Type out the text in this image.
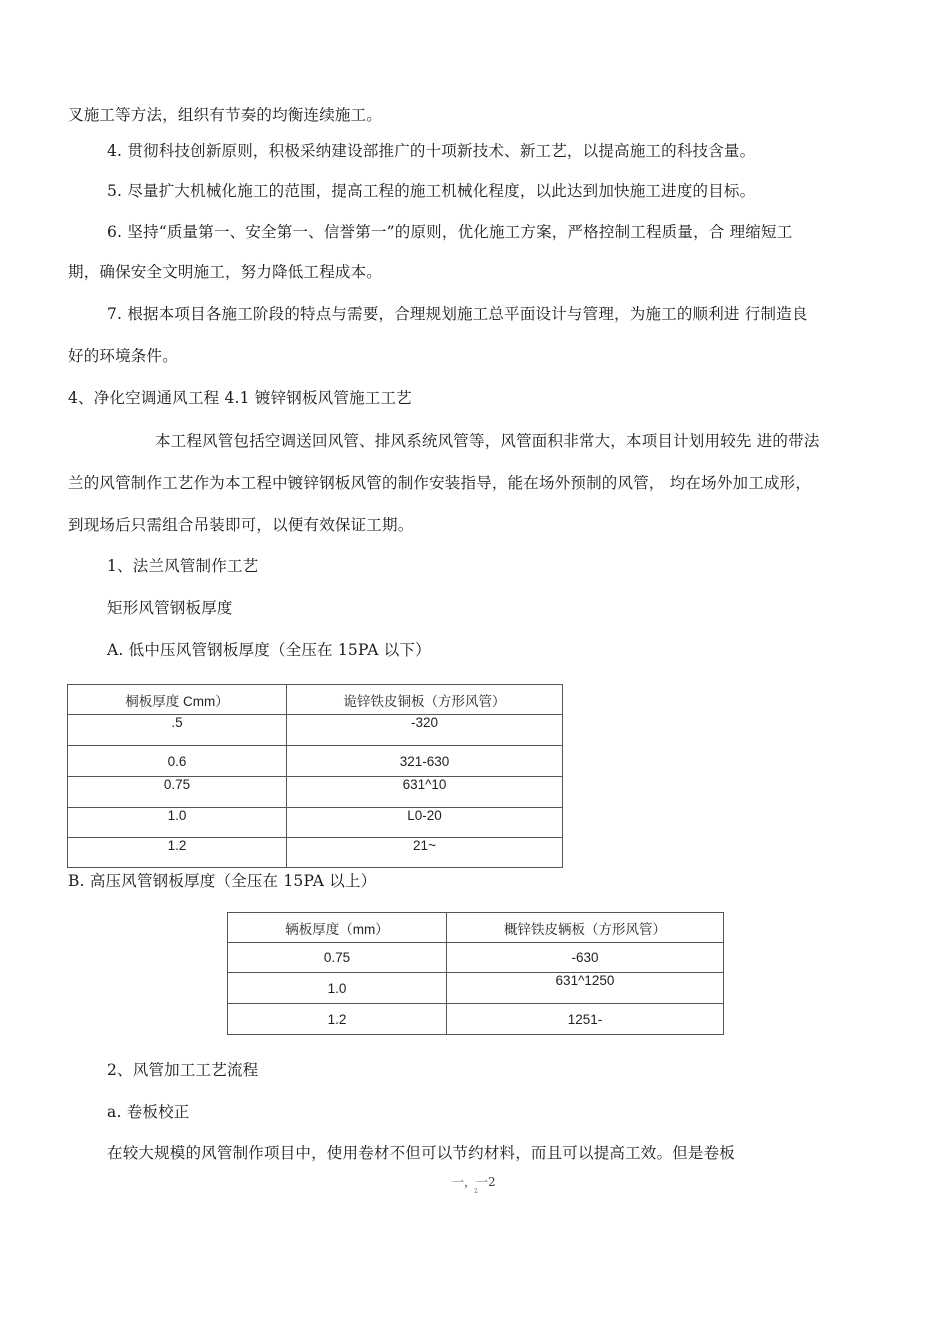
叉施工等方法，组织有节奏的均衡连续施工。
4. 贯彻科技创新原则，积极采纳建设部推广的十项新技术、新工艺，以提高施工的科技含量。
5. 尽量扩大机械化施工的范围，提高工程的施工机械化程度，以此达到加快施工进度的目标。
6. 坚持“质量第一、安全第一、信誉第一”的原则，优化施工方案，严格控制工程质量，合 理缩短工
期，确保安全文明施工，努力降低工程成本。
7. 根据本项目各施工阶段的特点与需要，合理规划施工总平面设计与管理，为施工的顺利进 行制造良
好的环境条件。
4、净化空调通风工程 4.1 镀锌钢板风管施工工艺
本工程风管包括空调送回风管、排风系统风管等，风管面积非常大，本项目计划用较先 进的带法
兰的风管制作工艺作为本工程中镀锌钢板风管的制作安装指导，能在场外预制的风管， 均在场外加工成形，
到现场后只需组合吊装即可，以便有效保证工期。
1、法兰风管制作工艺
矩形风管钢板厚度
A. 低中压风管钢板厚度（全压在 15PA 以下）
桐板厚度 Cmm）	诡锌铁皮铜板（方形风管）
.5	-320
0.6	321-630
0.75	631^10
1.0	L0-20
1.2	21~
B. 高压风管钢板厚度（全压在 15PA 以上）
辆板厚度（mm）	概锌铁皮辆板（方形风管）
0.75	-630
1.0	631^1250
1.2	1251-
2、风管加工工艺流程
a. 卷板校正
在较大规模的风管制作项目中，使用卷材不但可以节约材料，而且可以提高工效。但是卷板
一，一2
2
